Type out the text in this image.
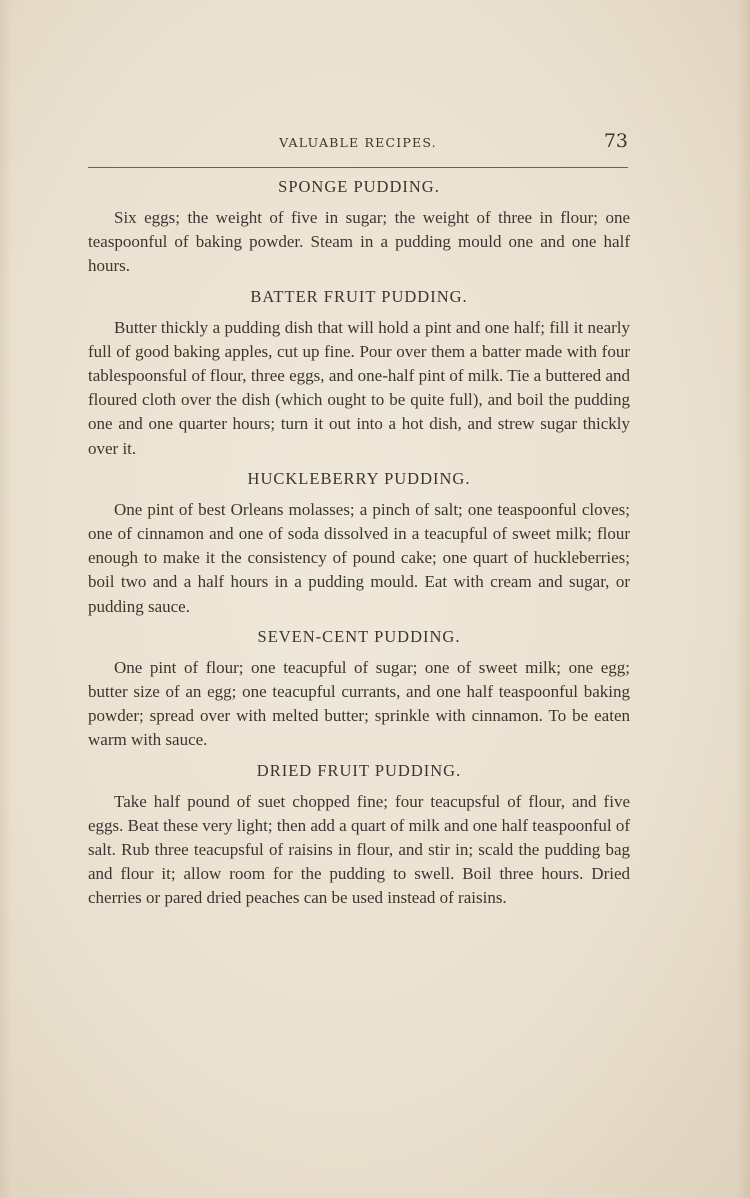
VALUABLE RECIPES.	73
SPONGE PUDDING.

Six eggs; the weight of five in sugar; the weight of three in flour; one teaspoonful of baking powder. Steam in a pudding mould one and one half hours.

BATTER FRUIT PUDDING.

Butter thickly a pudding dish that will hold a pint and one half; fill it nearly full of good baking apples, cut up fine. Pour over them a batter made with four tablespoonsful of flour, three eggs, and one-half pint of milk. Tie a buttered and floured cloth over the dish (which ought to be quite full), and boil the pudding one and one quarter hours; turn it out into a hot dish, and strew sugar thickly over it.

HUCKLEBERRY PUDDING.

One pint of best Orleans molasses; a pinch of salt; one teaspoonful cloves; one of cinnamon and one of soda dissolved in a teacupful of sweet milk; flour enough to make it the consistency of pound cake; one quart of huckleberries; boil two and a half hours in a pudding mould. Eat with cream and sugar, or pudding sauce.

SEVEN-CENT PUDDING.

One pint of flour; one teacupful of sugar; one of sweet milk; one egg; butter size of an egg; one teacupful currants, and one half teaspoonful baking powder; spread over with melted butter; sprinkle with cinnamon. To be eaten warm with sauce.

DRIED FRUIT PUDDING.

Take half pound of suet chopped fine; four teacupsful of flour, and five eggs. Beat these very light; then add a quart of milk and one half teaspoonful of salt. Rub three teacupsful of raisins in flour, and stir in; scald the pudding bag and flour it; allow room for the pudding to swell. Boil three hours. Dried cherries or pared dried peaches can be used instead of raisins.
